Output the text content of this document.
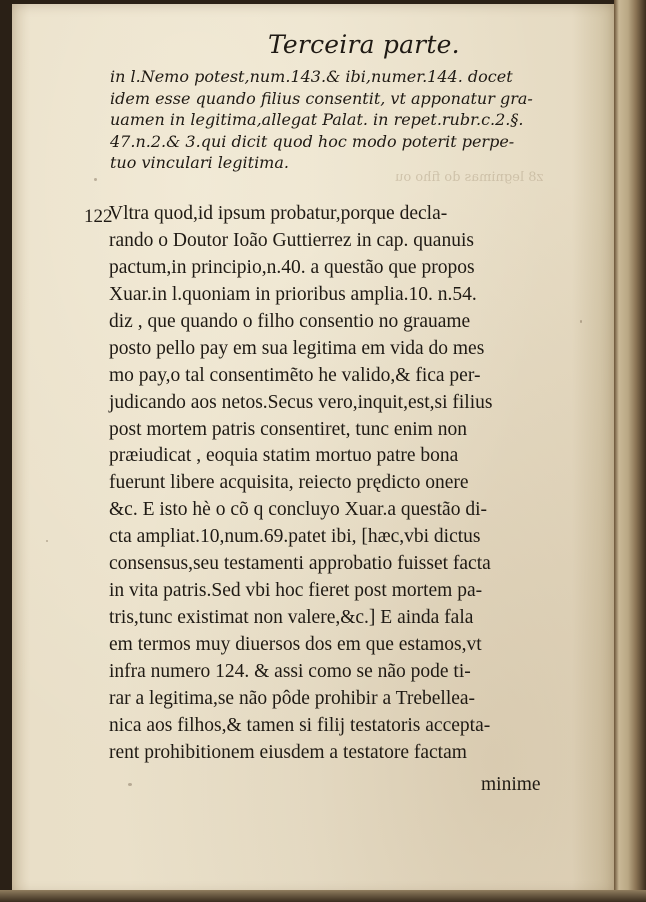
Terceira parte.
in l.Nemo potest,num.143.& ibi,numer.144. docet
idem esse quando filius consentit, vt apponatur gra-
uamen in legitima,allegat Palat. in repet.rubr.c.2.§.
47.n.2.& 3.qui dicit quod hoc modo poterit perpe-
tuo vinculari legitima.
z8 legnimas do fiho ou
122
Vltra quod,id ipsum probatur,porque decla-
rando o Doutor Ioão Guttierrez in cap. quanuis
pactum,in principio,n.40. a questão que propos
Xuar.in l.quoniam in prioribus amplia.10. n.54.
diz , que quando o filho consentio no grauame
posto pello pay em sua legitima em vida do mes
mo pay,o tal consentimẽto he valido,& fica per-
judicando aos netos.Secus vero,inquit,est,si filius
post mortem patris consentiret, tunc enim non
præiudicat , eoquia statim mortuo patre bona
fuerunt libere acquisita, reiecto prędicto onere
&c. E isto hè o cõ q concluyo Xuar.a questão di-
cta ampliat.10,num.69.patet ibi, [hæc,vbi dictus
consensus,seu testamenti approbatio fuisset facta
in vita patris.Sed vbi hoc fieret post mortem pa-
tris,tunc existimat non valere,&c.] E ainda fala
em termos muy diuersos dos em que estamos,vt
infra numero 124. & assi como se não pode ti-
rar a legitima,se não pôde prohibir a Trebellea-
nica aos filhos,& tamen si filij testatoris accepta-
rent prohibitionem eiusdem a testatore factam
minime
